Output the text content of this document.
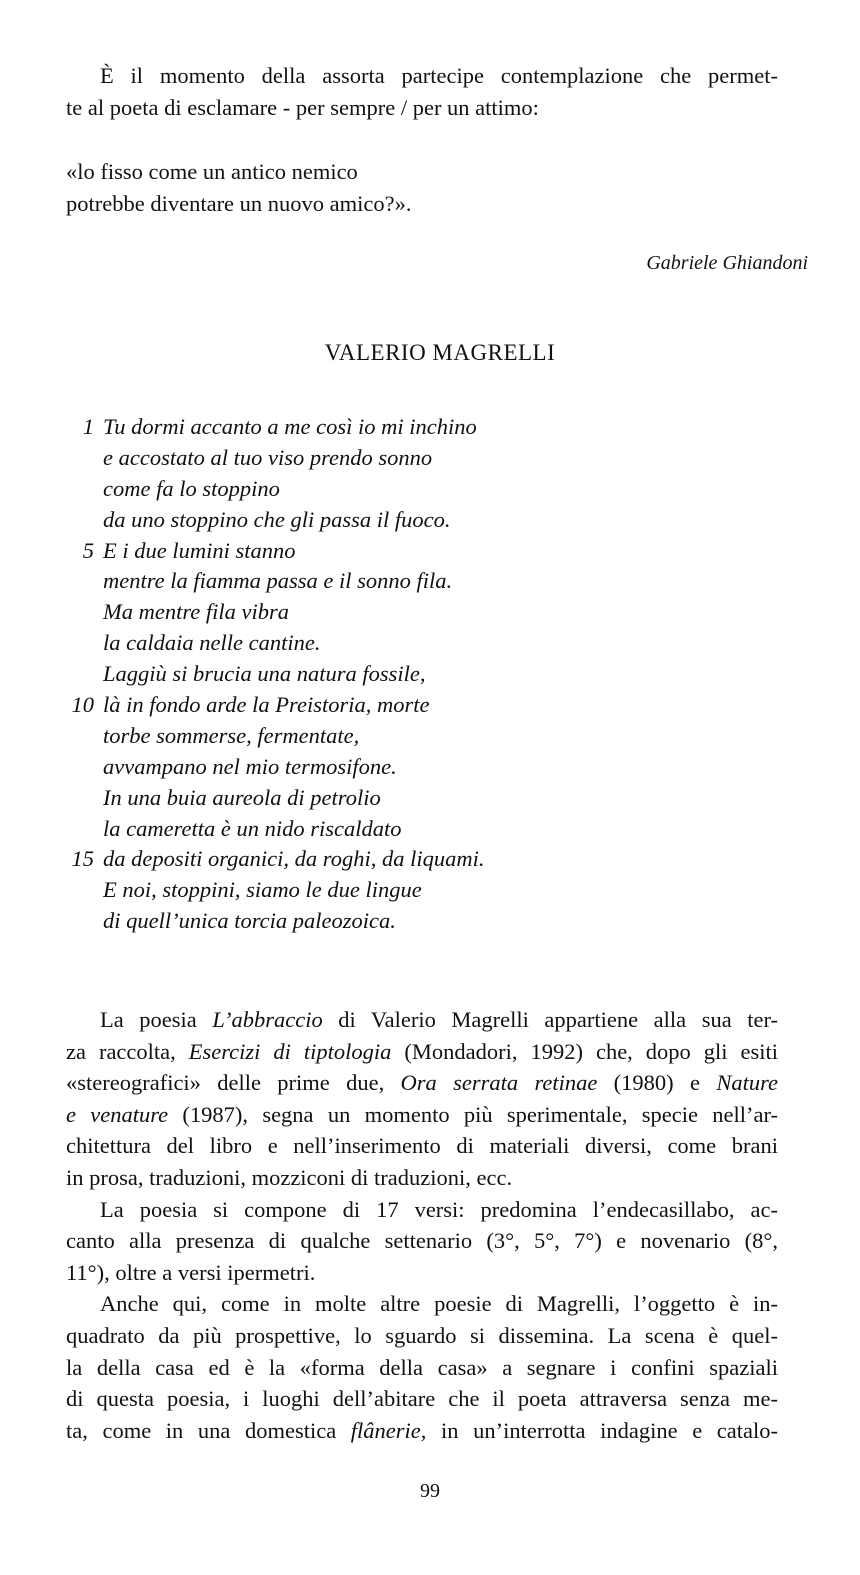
È il momento della assorta partecipe contemplazione che permet-
te al poeta di esclamare - per sempre / per un attimo:
«lo fisso come un antico nemico
potrebbe diventare un nuovo amico?».
Gabriele Ghiandoni
VALERIO MAGRELLI
1 Tu dormi accanto a me così io mi inchino
e accostato al tuo viso prendo sonno
come fa lo stoppino
da uno stoppino che gli passa il fuoco.
5 E i due lumini stanno
mentre la fiamma passa e il sonno fila.
Ma mentre fila vibra
la caldaia nelle cantine.
Laggiù si brucia una natura fossile,
10 là in fondo arde la Preistoria, morte
torbe sommerse, fermentate,
avvampano nel mio termosifone.
In una buia aureola di petrolio
la cameretta è un nido riscaldato
15 da depositi organici, da roghi, da liquami.
E noi, stoppini, siamo le due lingue
di quell’unica torcia paleozoica.
La poesia L’abbraccio di Valerio Magrelli appartiene alla sua ter-
za raccolta, Esercizi di tiptologia (Mondadori, 1992) che, dopo gli esiti
«stereografici» delle prime due, Ora serrata retinae (1980) e Nature
e venature (1987), segna un momento più sperimentale, specie nell’ar-
chitettura del libro e nell’inserimento di materiali diversi, come brani
in prosa, traduzioni, mozziconi di traduzioni, ecc.
La poesia si compone di 17 versi: predomina l’endecasillabo, ac-
canto alla presenza di qualche settenario (3°, 5°, 7°) e novenario (8°,
11°), oltre a versi ipermetri.
Anche qui, come in molte altre poesie di Magrelli, l’oggetto è in-
quadrato da più prospettive, lo sguardo si dissemina. La scena è quel-
la della casa ed è la «forma della casa» a segnare i confini spaziali
di questa poesia, i luoghi dell’abitare che il poeta attraversa senza me-
ta, come in una domestica flânerie, in un’interrotta indagine e catalo-
99
